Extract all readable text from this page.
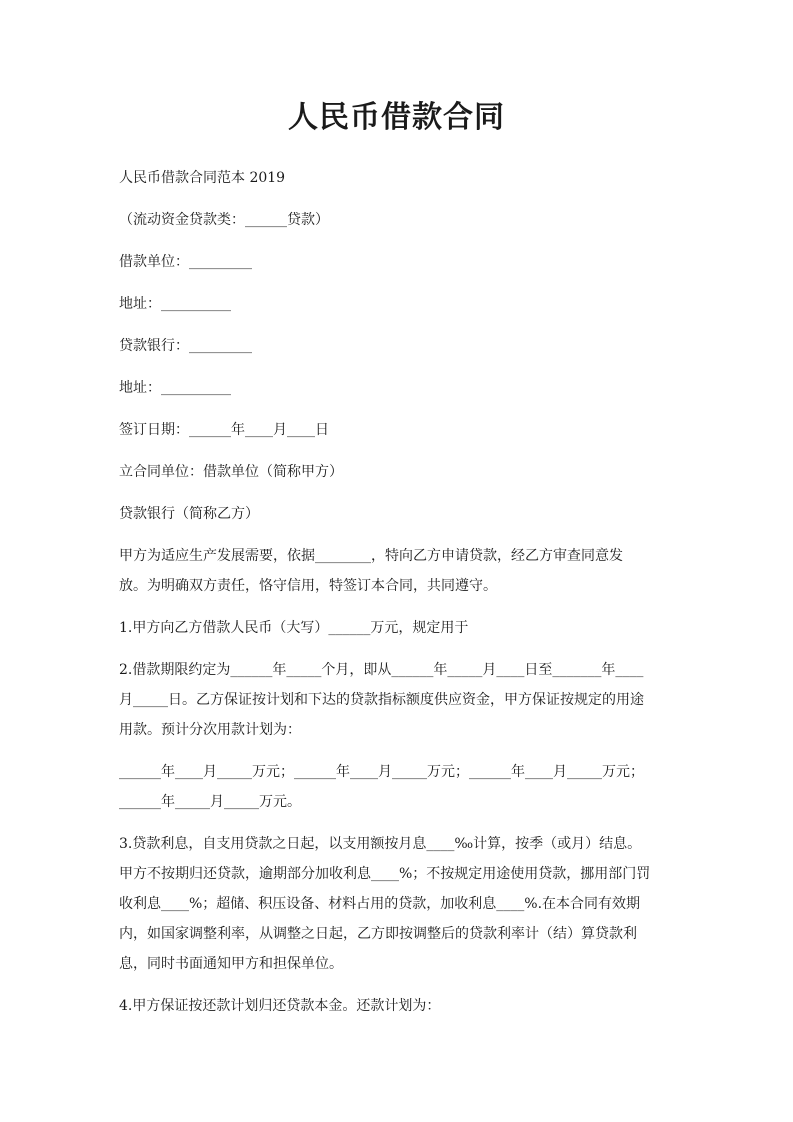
人民币借款合同

人民币借款合同范本 2019

（流动资金贷款类：______贷款）

借款单位：_________

地址：__________

贷款银行：_________

地址：__________

签订日期：______年____月____日

立合同单位：借款单位（简称甲方）

贷款银行（简称乙方）

甲方为适应生产发展需要，依据________，特向乙方申请贷款，经乙方审查同意发
放。为明确双方责任，恪守信用，特签订本合同，共同遵守。

1.甲方向乙方借款人民币（大写）______万元，规定用于

2.借款期限约定为______年_____个月，即从______年_____月____日至_______年____
月_____日。乙方保证按计划和下达的贷款指标额度供应资金，甲方保证按规定的用途
用款。预计分次用款计划为：

______年____月_____万元；______年____月_____万元；______年____月_____万元；
______年_____月_____万元。

3.贷款利息，自支用贷款之日起，以支用额按月息____‰计算，按季（或月）结息。
甲方不按期归还贷款，逾期部分加收利息____%；不按规定用途使用贷款，挪用部门罚
收利息____%；超储、积压设备、材料占用的贷款，加收利息____%.在本合同有效期
内，如国家调整利率，从调整之日起，乙方即按调整后的贷款利率计（结）算贷款利
息，同时书面通知甲方和担保单位。

4.甲方保证按还款计划归还贷款本金。还款计划为：
